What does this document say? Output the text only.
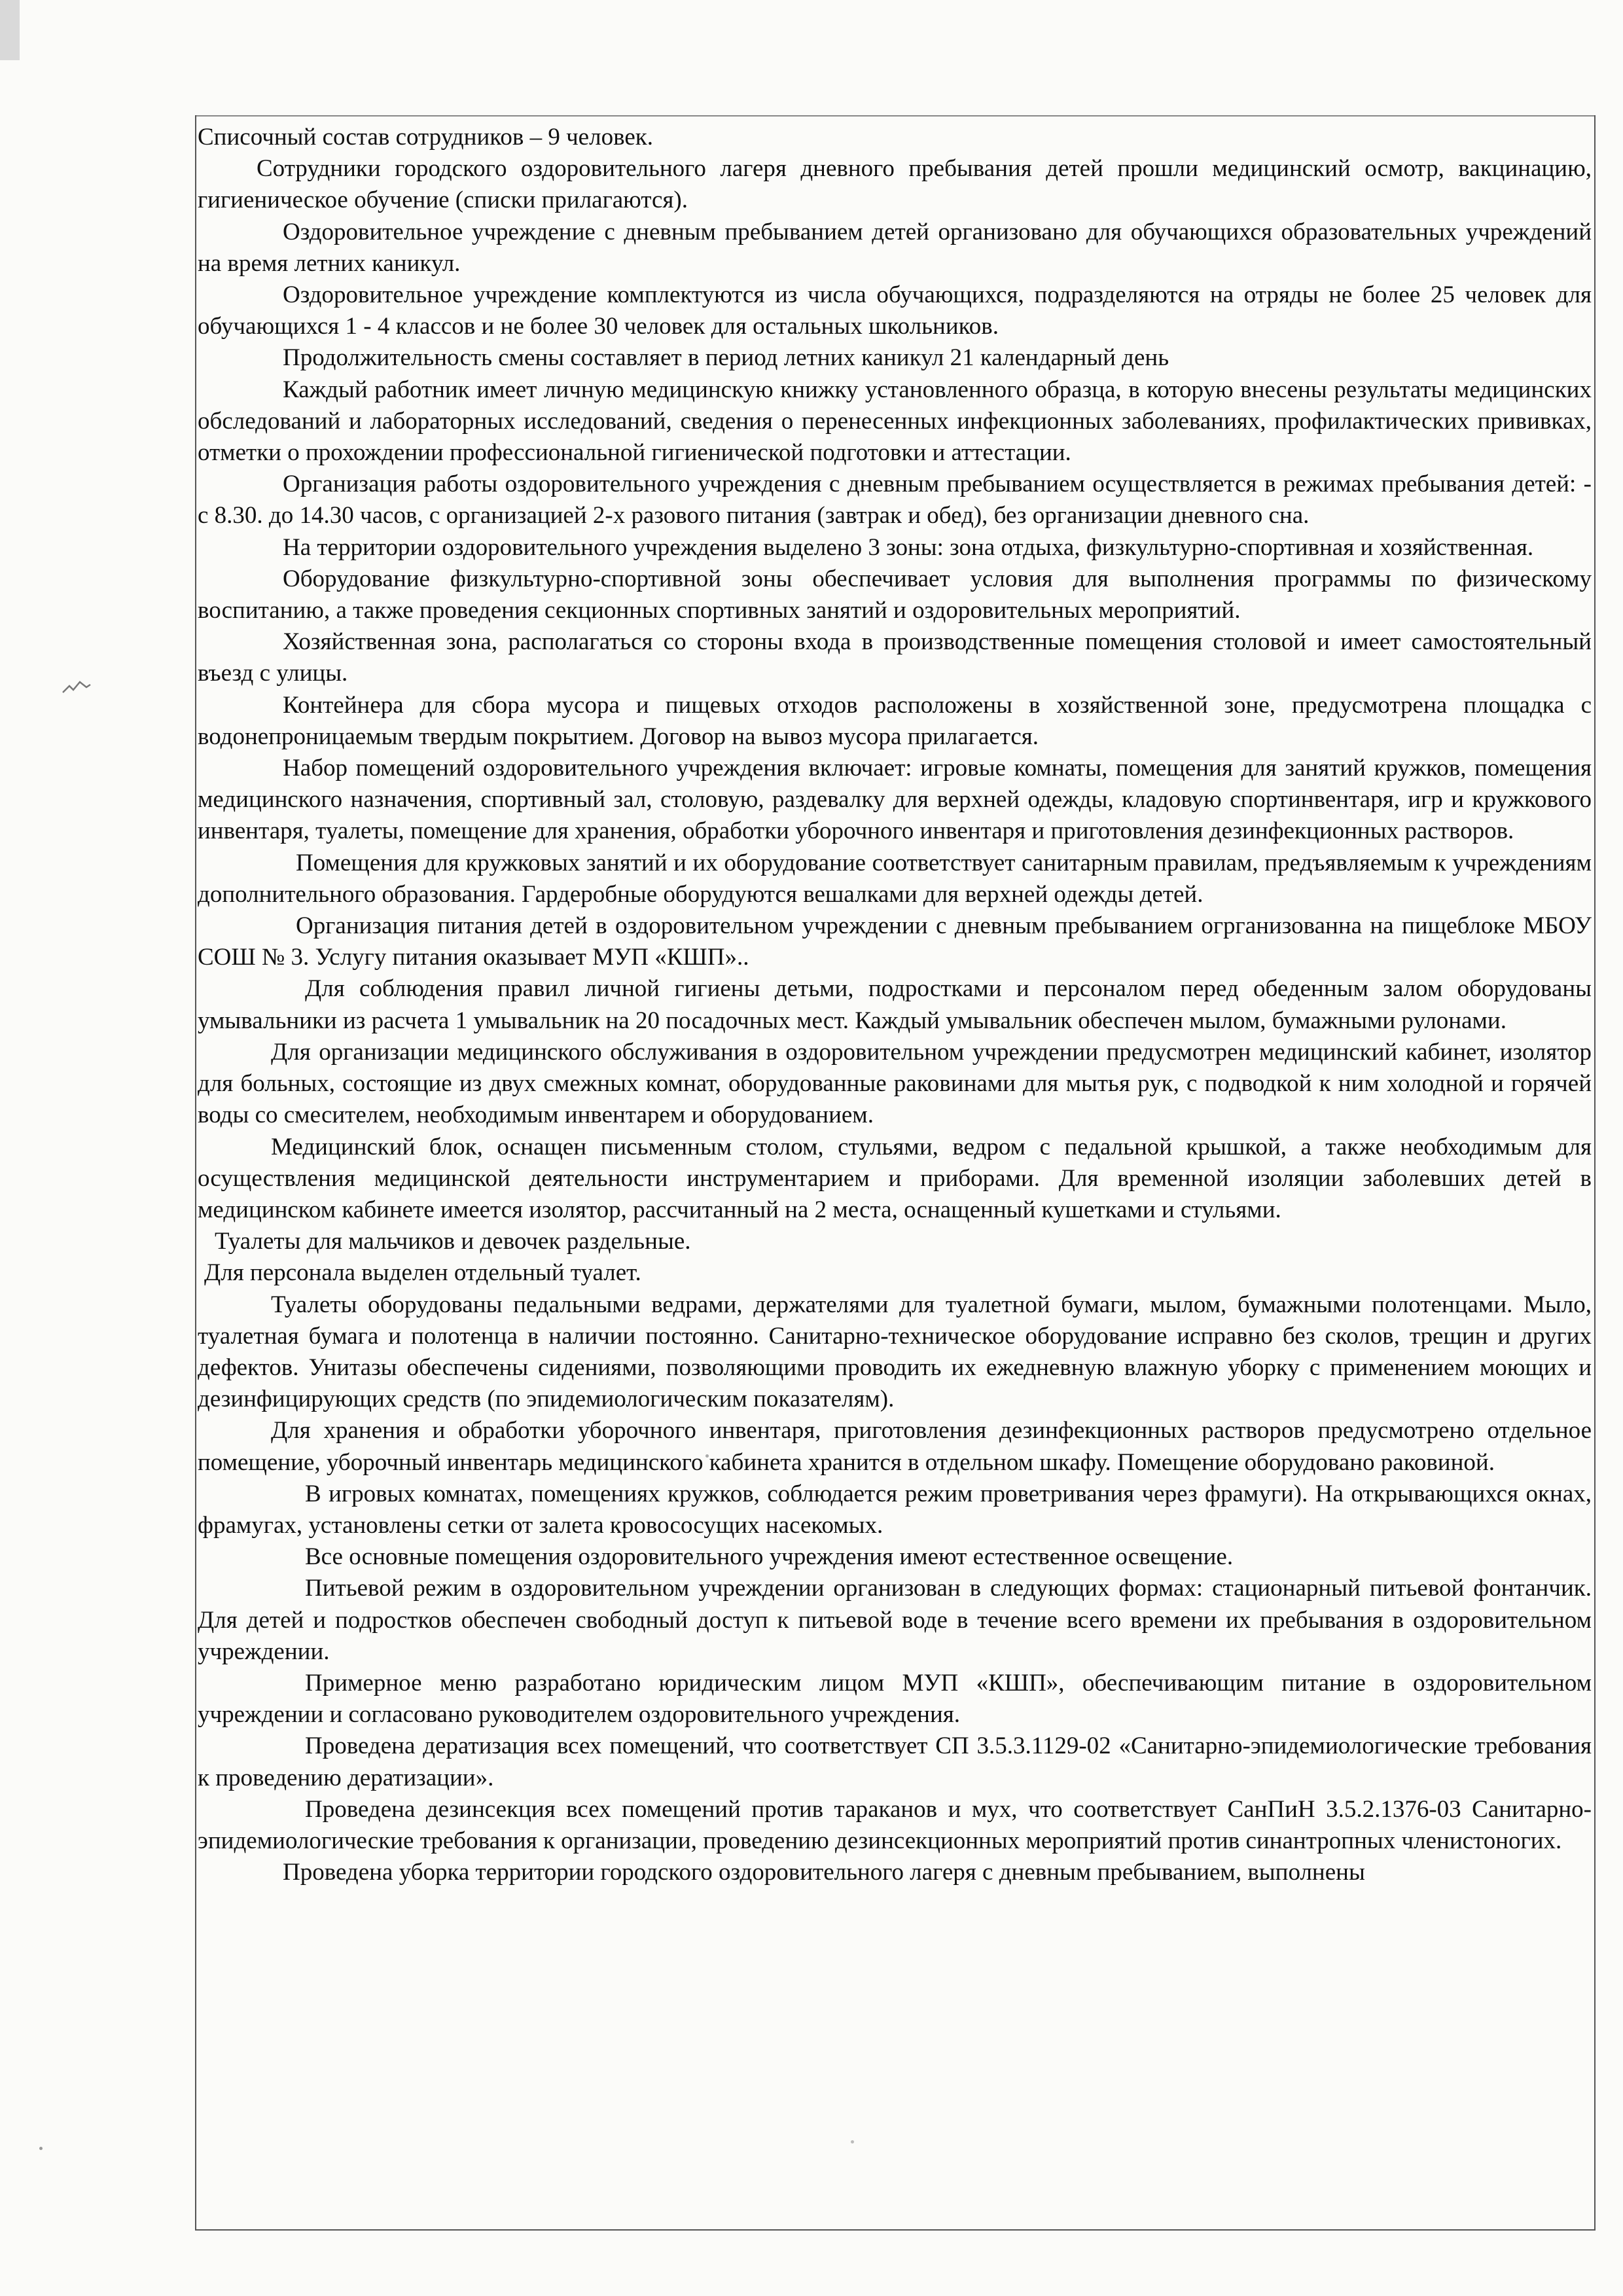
Списочный состав сотрудников – 9 человек.

Сотрудники городского оздоровительного лагеря дневного пребывания детей прошли медицинский осмотр, вакцинацию, гигиеническое обучение (списки прилагаются).

Оздоровительное учреждение с дневным пребыванием детей организовано для обучающихся образовательных учреждений на время летних каникул.

Оздоровительное учреждение комплектуются из числа обучающихся, подразделяются на отряды не более 25 человек для обучающихся 1 - 4 классов и не более 30 человек для остальных школьников.

Продолжительность смены составляет в период летних каникул 21 календарный день

Каждый работник имеет личную медицинскую книжку установленного образца, в которую внесены результаты медицинских обследований и лабораторных исследований, сведения о перенесенных инфекционных заболеваниях, профилактических прививках, отметки о прохождении профессиональной гигиенической подготовки и аттестации.

Организация работы оздоровительного учреждения с дневным пребыванием осуществляется в режимах пребывания детей: - с 8.30. до 14.30 часов, с организацией 2-х разового питания (завтрак и обед), без организации дневного сна.

На территории оздоровительного учреждения выделено 3 зоны: зона отдыха, физкультурно-спортивная и хозяйственная.

Оборудование физкультурно-спортивной зоны обеспечивает условия для выполнения программы по физическому воспитанию, а также проведения секционных спортивных занятий и оздоровительных мероприятий.

Хозяйственная зона, располагаться со стороны входа в производственные помещения столовой и имеет самостоятельный въезд с улицы.

Контейнера для сбора мусора и пищевых отходов расположены в хозяйственной зоне, предусмотрена площадка с водонепроницаемым твердым покрытием. Договор на вывоз мусора прилагается.

Набор помещений оздоровительного учреждения включает: игровые комнаты, помещения для занятий кружков, помещения медицинского назначения, спортивный зал, столовую, раздевалку для верхней одежды, кладовую спортинвентаря, игр и кружкового инвентаря, туалеты, помещение для хранения, обработки уборочного инвентаря и приготовления дезинфекционных растворов.

Помещения для кружковых занятий и их оборудование соответствует санитарным правилам, предъявляемым к учреждениям дополнительного образования. Гардеробные оборудуются вешалками для верхней одежды детей.

Организация питания детей в оздоровительном учреждении с дневным пребыванием огрганизованна на пищеблоке МБОУ СОШ № 3. Услугу питания оказывает МУП «КШП»..

Для соблюдения правил личной гигиены детьми, подростками и персоналом перед обеденным залом оборудованы умывальники из расчета 1 умывальник на 20 посадочных мест. Каждый умывальник обеспечен мылом, бумажными рулонами.

Для организации медицинского обслуживания в оздоровительном учреждении предусмотрен медицинский кабинет, изолятор для больных, состоящие из двух смежных комнат, оборудованные раковинами для мытья рук, с подводкой к ним холодной и горячей воды со смесителем, необходимым инвентарем и оборудованием.

Медицинский блок, оснащен письменным столом, стульями, ведром с педальной крышкой, а также необходимым для осуществления медицинской деятельности инструментарием и приборами. Для временной изоляции заболевших детей в медицинском кабинете имеется изолятор, рассчитанный на 2 места, оснащенный кушетками и стульями.

Туалеты для мальчиков и девочек раздельные.

Для персонала выделен отдельный туалет.

Туалеты оборудованы педальными ведрами, держателями для туалетной бумаги, мылом, бумажными полотенцами. Мыло, туалетная бумага и полотенца в наличии постоянно. Санитарно-техническое оборудование исправно без сколов, трещин и других дефектов. Унитазы обеспечены сидениями, позволяющими проводить их ежедневную влажную уборку с применением моющих и дезинфицирующих средств (по эпидемиологическим показателям).

Для хранения и обработки уборочного инвентаря, приготовления дезинфекционных растворов предусмотрено отдельное помещение, уборочный инвентарь медицинского кабинета хранится в отдельном шкафу. Помещение оборудовано раковиной.

В игровых комнатах, помещениях кружков, соблюдается режим проветривания через фрамуги). На открывающихся окнах, фрамугах, установлены сетки от залета кровососущих насекомых.

Все основные помещения оздоровительного учреждения имеют естественное освещение.

Питьевой режим в оздоровительном учреждении организован в следующих формах: стационарный питьевой фонтанчик. Для детей и подростков обеспечен свободный доступ к питьевой воде в течение всего времени их пребывания в оздоровительном учреждении.

Примерное меню разработано юридическим лицом МУП «КШП», обеспечивающим питание в оздоровительном учреждении и согласовано руководителем оздоровительного учреждения.

Проведена дератизация всех помещений, что соответствует СП 3.5.3.1129-02 «Санитарно-эпидемиологические требования к проведению дератизации».

Проведена дезинсекция всех помещений против тараканов и мух, что соответствует СанПиН 3.5.2.1376-03 Санитарно-эпидемиологические требования к организации, проведению дезинсекционных мероприятий против синантропных членистоногих.

Проведена уборка территории городского оздоровительного лагеря с дневным пребыванием, выполнены
